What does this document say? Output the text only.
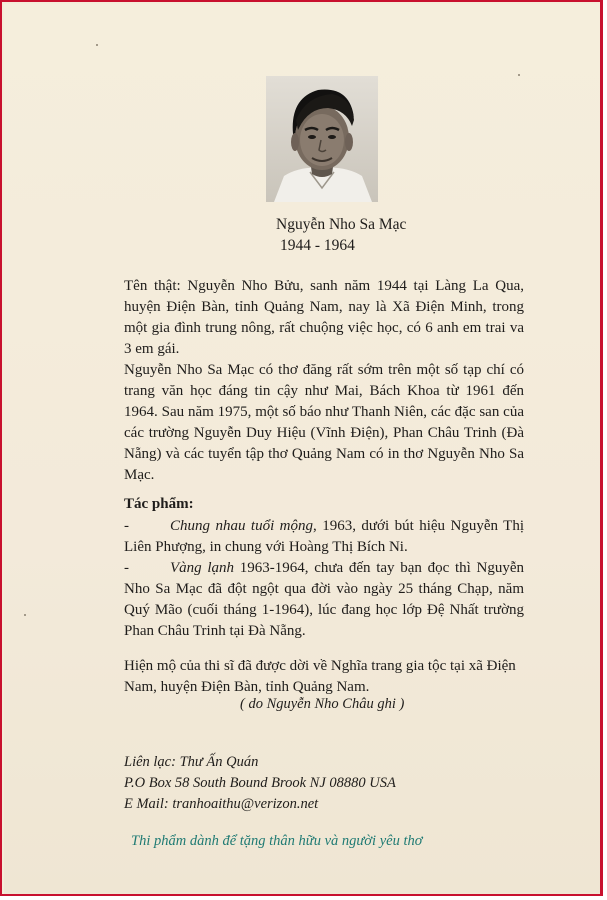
Nguyễn Nho Sa Mạc
1944 - 1964

Tên thật: Nguyễn Nho Bửu, sanh năm 1944 tại Làng La Qua, huyện Điện Bàn, tỉnh Quảng Nam, nay là Xã Điện Minh, trong một gia đình trung nông, rất chuộng việc học, có 6 anh em trai va 3 em gái.

Nguyễn Nho Sa Mạc có thơ đăng rất sớm trên một số tạp chí có trang văn học đáng tin cậy như Mai, Bách Khoa từ 1961 đến 1964. Sau năm 1975, một số báo như Thanh Niên, các đặc san của các trường Nguyễn Duy Hiệu (Vĩnh Điện), Phan Châu Trinh (Đà Nẵng) và các tuyển tập thơ Quảng Nam có in thơ Nguyễn Nho Sa Mạc.

Tác phẩm:

-	Chung nhau tuổi mộng, 1963, dưới bút hiệu Nguyễn Thị Liên Phượng, in chung với Hoàng Thị Bích Ni.

-	Vàng lạnh 1963-1964, chưa đến tay bạn đọc thì Nguyễn Nho Sa Mạc đã đột ngột qua đời vào ngày 25 tháng Chạp, năm Quý Mão (cuối tháng 1-1964), lúc đang học lớp Đệ Nhất trường Phan Châu Trinh tại Đà Nẵng.

Hiện mộ của thi sĩ đã được dời về Nghĩa trang gia tộc tại xã Điện Nam, huyện Điện Bàn, tỉnh Quảng Nam.

( do Nguyễn Nho Châu ghi )
Liên lạc: Thư Ấn Quán
P.O Box 58 South Bound Brook NJ 08880 USA
E Mail: tranhoaithu@verizon.net
Thi phẩm dành để tặng thân hữu và người yêu thơ
